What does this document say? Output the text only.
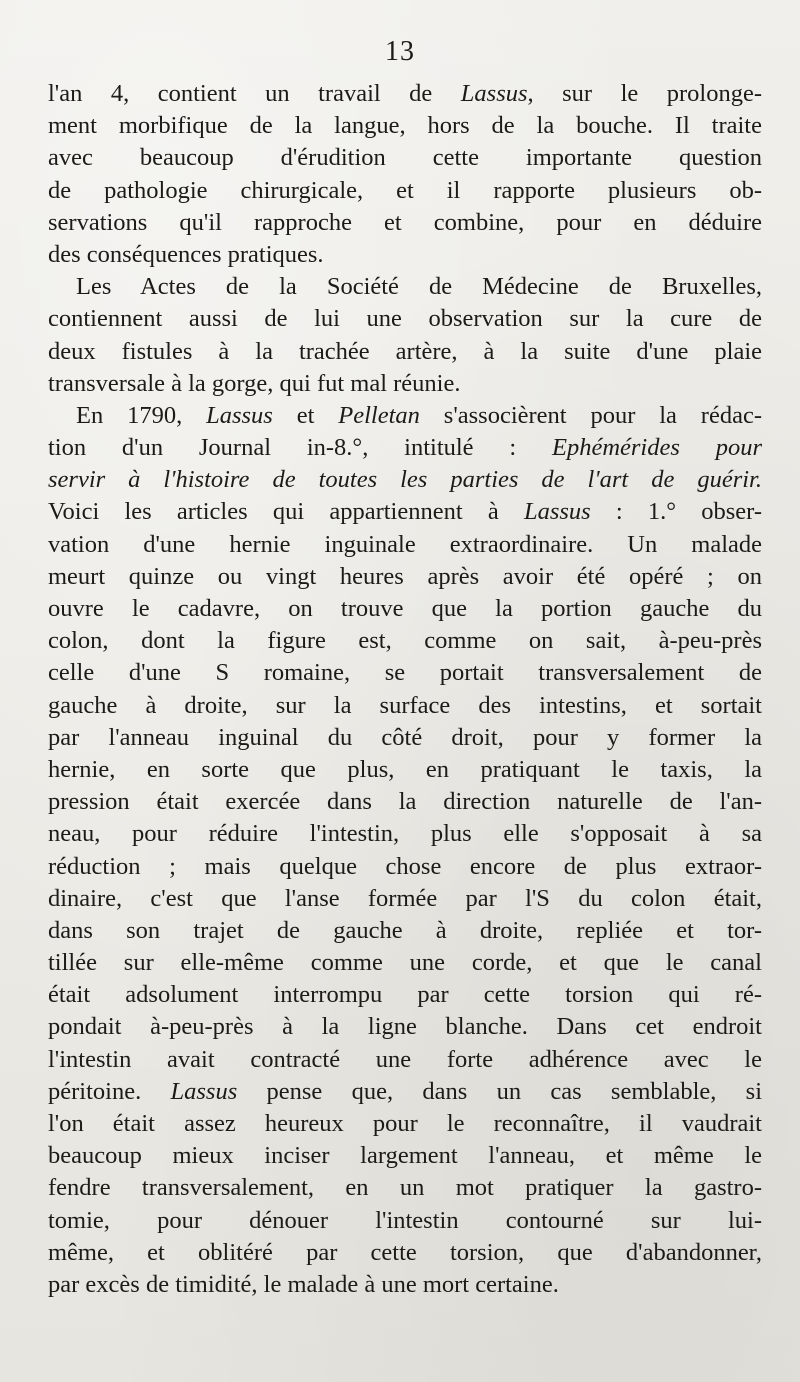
13
l'an 4, contient un travail de Lassus, sur le prolonge-
ment morbifique de la langue, hors de la bouche. Il traite
avec beaucoup d'érudition cette importante question
de pathologie chirurgicale, et il rapporte plusieurs ob-
servations qu'il rapproche et combine, pour en déduire
des conséquences pratiques.
Les Actes de la Société de Médecine de Bruxelles,
contiennent aussi de lui une observation sur la cure de
deux fistules à la trachée artère, à la suite d'une plaie
transversale à la gorge, qui fut mal réunie.
En 1790, Lassus et Pelletan s'associèrent pour la rédac-
tion d'un Journal in-8.°, intitulé : Ephémérides pour
servir à l'histoire de toutes les parties de l'art de guérir.
Voici les articles qui appartiennent à Lassus : 1.° obser-
vation d'une hernie inguinale extraordinaire. Un malade
meurt quinze ou vingt heures après avoir été opéré ; on
ouvre le cadavre, on trouve que la portion gauche du
colon, dont la figure est, comme on sait, à-peu-près
celle d'une S romaine, se portait transversalement de
gauche à droite, sur la surface des intestins, et sortait
par l'anneau inguinal du côté droit, pour y former la
hernie, en sorte que plus, en pratiquant le taxis, la
pression était exercée dans la direction naturelle de l'an-
neau, pour réduire l'intestin, plus elle s'opposait à sa
réduction ; mais quelque chose encore de plus extraor-
dinaire, c'est que l'anse formée par l'S du colon était,
dans son trajet de gauche à droite, repliée et tor-
tillée sur elle-même comme une corde, et que le canal
était adsolument interrompu par cette torsion qui ré-
pondait à-peu-près à la ligne blanche. Dans cet endroit
l'intestin avait contracté une forte adhérence avec le
péritoine. Lassus pense que, dans un cas semblable, si
l'on était assez heureux pour le reconnaître, il vaudrait
beaucoup mieux inciser largement l'anneau, et même le
fendre transversalement, en un mot pratiquer la gastro-
tomie, pour dénouer l'intestin contourné sur lui-
même, et oblitéré par cette torsion, que d'abandonner,
par excès de timidité, le malade à une mort certaine.
